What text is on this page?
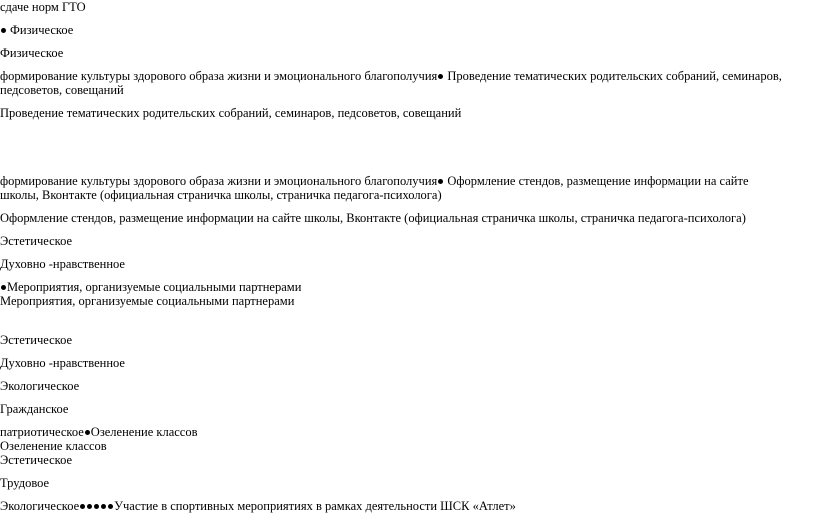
сдаче норм ГТО
Физическое
Физическое
формирование культуры здорового образа жизни и эмоционального благополучия Проведение тематических родительских собраний, семинаров, педсоветов, совещаний
Проведение тематических родительских собраний, семинаров, педсоветов, совещаний
формирование культуры здорового образа жизни и эмоционального благополучия Оформление стендов, размещение информации на сайте школы, Вконтакте (официальная страничка школы, страничка педагога-психолога)
Оформление стендов, размещение информации на сайте школы, Вконтакте (официальная страничка школы, страничка педагога-психолога)
Эстетическое
Духовно -нравственное
Мероприятия, организуемые социальными партнерами
Мероприятия, организуемые социальными партнерами
Эстетическое
Духовно -нравственное
Экологическое
Гражданское
патриотическое Озеленение классов
Озеленение классов
Эстетическое
Трудовое
Экологическое	Участие в спортивных мероприятиях в рамках деятельности ШСК «Атлет»
